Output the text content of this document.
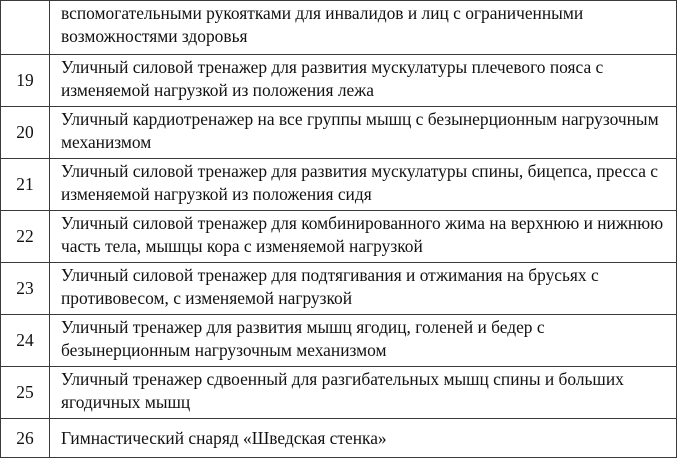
	вспомогательными рукоятками для инвалидов и лиц с ограниченными возможностями здоровья
19	Уличный силовой тренажер для развития мускулатуры плечевого пояса с изменяемой нагрузкой из положения лежа
20	Уличный кардиотренажер на все группы мышц с безынерционным нагрузочным механизмом
21	Уличный силовой тренажер для развития мускулатуры спины, бицепса, пресса с изменяемой нагрузкой из положения сидя
22	Уличный силовой тренажер для комбинированного жима на верхнюю и нижнюю часть тела, мышцы кора с изменяемой нагрузкой
23	Уличный силовой тренажер для подтягивания и отжимания на брусьях с противовесом, с изменяемой нагрузкой
24	Уличный тренажер для развития мышц ягодиц, голеней и бедер с безынерционным нагрузочным механизмом
25	Уличный тренажер сдвоенный для разгибательных мышц спины и больших ягодичных мышц
26	Гимнастический снаряд «Шведская стенка»
